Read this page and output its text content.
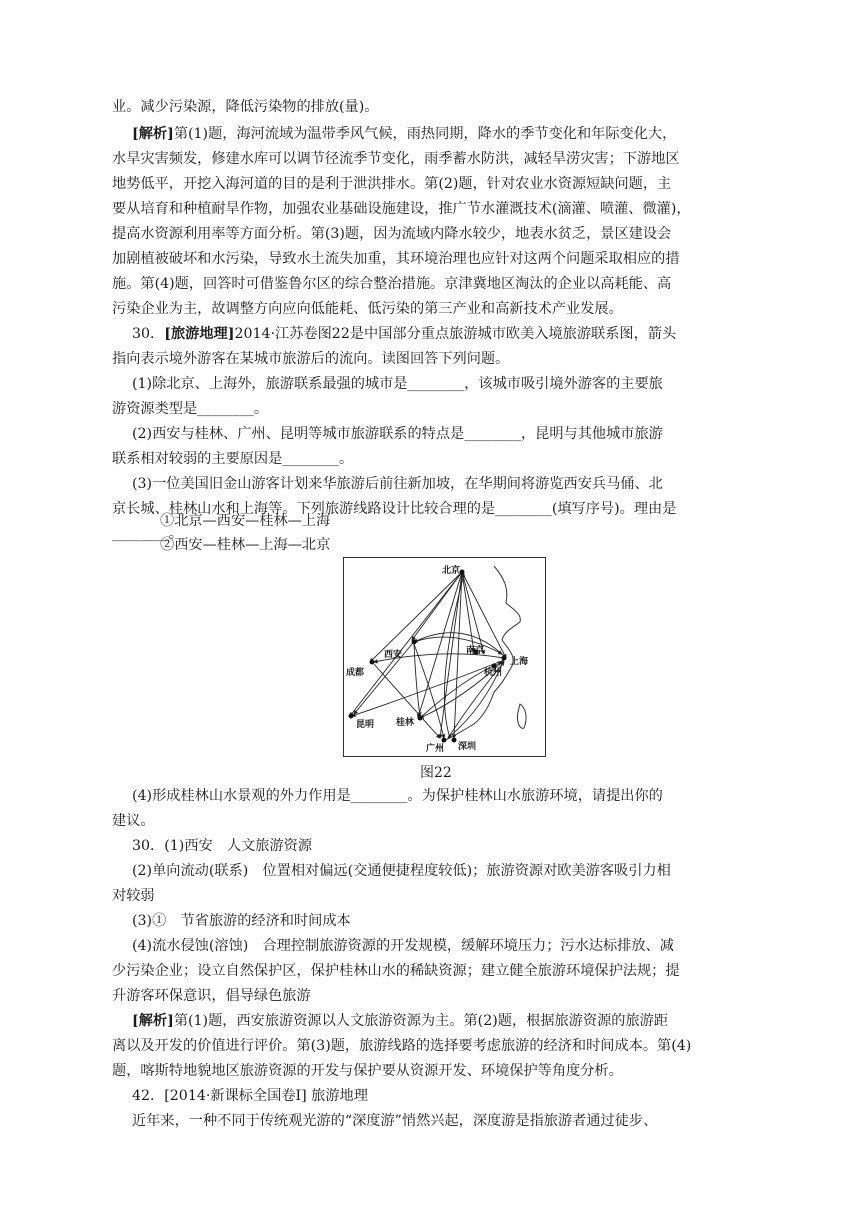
业。减少污染源，降低污染物的排放(量)。
[解析]第(1)题，海河流域为温带季风气候，雨热同期，降水的季节变化和年际变化大，
水旱灾害频发，修建水库可以调节径流季节变化，雨季蓄水防洪，减轻旱涝灾害；下游地区
地势低平，开挖入海河道的目的是利于泄洪排水。第(2)题，针对农业水资源短缺问题，主
要从培育和种植耐旱作物，加强农业基础设施建设，推广节水灌溉技术(滴灌、喷灌、微灌)，
提高水资源利用率等方面分析。第(3)题，因为流域内降水较少，地表水贫乏，景区建设会
加剧植被破坏和水污染，导致水土流失加重，其环境治理也应针对这两个问题采取相应的措
施。第(4)题，回答时可借鉴鲁尔区的综合整治措施。京津冀地区淘汰的企业以高耗能、高
污染企业为主，故调整方向应向低能耗、低污染的第三产业和高新技术产业发展。
30．[旅游地理]2014·江苏卷图22是中国部分重点旅游城市欧美入境旅游联系图，箭头
指向表示境外游客在某城市旅游后的流向。读图回答下列问题。
(1)除北京、上海外，旅游联系最强的城市是________，该城市吸引境外游客的主要旅
游资源类型是________。
(2)西安与桂林、广州、昆明等城市旅游联系的特点是________，昆明与其他城市旅游
联系相对较弱的主要原因是________。
(3)一位美国旧金山游客计划来华旅游后前往新加坡，在华期间将游览西安兵马俑、北
京长城、桂林山水和上海等。下列旅游线路设计比较合理的是________(填写序号)。理由是
________。
①北京—西安—桂林—上海
②西安—桂林—上海—北京
北京
西安
成都
南京
上海
杭州
昆明 桂林
广州 深圳
图22
(4)形成桂林山水景观的外力作用是________。为保护桂林山水旅游环境，请提出你的
建议。
30．(1)西安　人文旅游资源
(2)单向流动(联系)　位置相对偏远(交通便捷程度较低)；旅游资源对欧美游客吸引力相
对较弱
(3)①　节省旅游的经济和时间成本
(4)流水侵蚀(溶蚀)　合理控制旅游资源的开发规模，缓解环境压力；污水达标排放、减
少污染企业；设立自然保护区，保护桂林山水的稀缺资源；建立健全旅游环境保护法规；提
升游客环保意识，倡导绿色旅游
[解析]第(1)题，西安旅游资源以人文旅游资源为主。第(2)题，根据旅游资源的旅游距
离以及开发的价值进行评价。第(3)题，旅游线路的选择要考虑旅游的经济和时间成本。第(4)
题，喀斯特地貌地区旅游资源的开发与保护要从资源开发、环境保护等角度分析。
42．[2014·新课标全国卷Ⅰ] 旅游地理
近年来，一种不同于传统观光游的“深度游”悄然兴起，深度游是指旅游者通过徒步、
